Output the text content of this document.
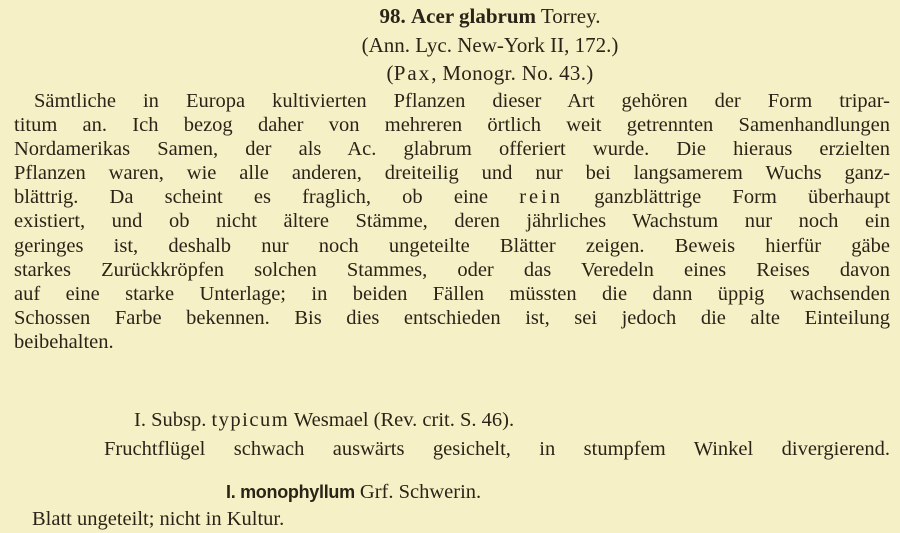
98. Acer glabrum Torrey.
(Ann. Lyc. New-York II, 172.)
(Pax, Monogr. No. 43.)
Sämtliche in Europa kultivierten Pflanzen dieser Art gehören der Form tripar-
titum an. Ich bezog daher von mehreren örtlich weit getrennten Samenhandlungen
Nordamerikas Samen, der als Ac. glabrum offeriert wurde. Die hieraus erzielten
Pflanzen waren, wie alle anderen, dreiteilig und nur bei langsamerem Wuchs ganz-
blättrig. Da scheint es fraglich, ob eine rein ganzblättrige Form überhaupt
existiert, und ob nicht ältere Stämme, deren jährliches Wachstum nur noch ein
geringes ist, deshalb nur noch ungeteilte Blätter zeigen. Beweis hierfür gäbe
starkes Zurückkröpfen solchen Stammes, oder das Veredeln eines Reises davon
auf eine starke Unterlage; in beiden Fällen müssten die dann üppig wachsenden
Schossen Farbe bekennen. Bis dies entschieden ist, sei jedoch die alte Einteilung
beibehalten.
I. Subsp. typicum Wesmael (Rev. crit. S. 46).
Fruchtflügel schwach auswärts gesichelt, in stumpfem Winkel divergierend.
I. monophyllum Grf. Schwerin.
Blatt ungeteilt; nicht in Kultur.
